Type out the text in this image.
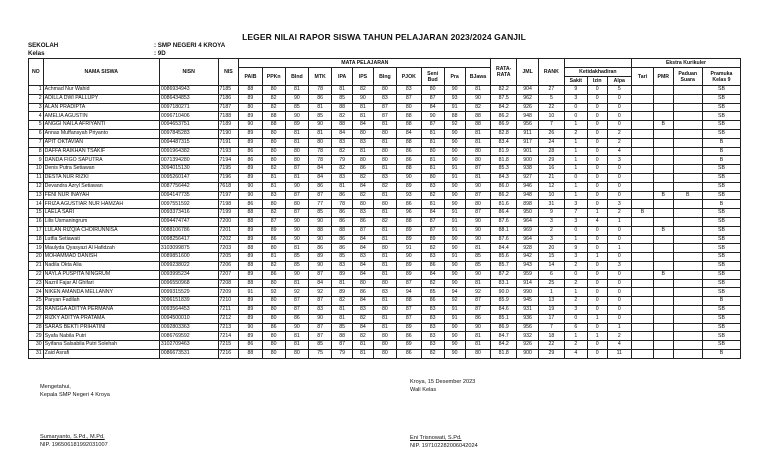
LEGER NILAI RAPOR SISWA TAHUN PELAJARAN 2023/2024 GANJIL
SEKOLAH	: SMP NEGERI 4 KROYA
Kelas	: 9D
NO	NAMA SISWA	NISN	NIS	MATA PELAJARAN											RATA-RATA	JML	RANK				Ekstra Kurikuler			
				PAIB	PPKn	BInd	MTK	IPA	IPS	BIng	PJOK	Seni Bud	Pra	BJawa				Ketidakhadiran			Tari	PMR	Paduan Suara	Pramuka Kelas 9
																		Sakit	Izin	Alpa				
1	Achmad Nur Wahid	0086934943	7185	88	80	81	78	81	82	80	83	80	90	81	82.2	904	27	9	0	5				SB
2	ADILLA DWI PALLUPY	0086434853	7186	89	82	90	86	85	90	83	87	87	93	90	87.5	962	5	3	0	0				SB
3	ALAN PRADIPTA	0097180271	7187	80	82	85	81	88	81	87	80	84	91	82	84.2	926	22	0	0	0				SB
4	AMELIA AGUSTIN	0096710406	7188	89	88	90	85	82	81	87	88	90	88	88	86.2	948	10	0	0	0				SB
5	ANGGI NAILA AFRIYANTI	0094653751	7189	90	88	89	90	88	84	81	88	87	92	88	86.9	956	7	1	0	0		B		SB
6	Annas Muffansyah Priyanto	0097845283	7190	89	80	81	81	84	80	80	84	81	90	81	82.8	911	26	2	0	2				SB
7	APIT OKTAVIAN	0094487315	7191	89	80	81	80	83	83	81	88	81	90	81	83.4	917	24	1	0	2				B
8	DAFFA RAIKHAN TSAKIF	0091964382	7193	86	80	80	78	82	81	80	86	80	90	80	81.9	901	28	1	0	4				B
9	DANDA FIGO SAPUTRA	0071394280	7194	86	80	80	78	79	80	80	86	81	90	80	81.8	900	29	1	0	3				B
10	Denis Putra Setiawan	3094015130	7195	89	82	87	84	82	86	81	88	81	91	87	85.3	938	16	1	0	0				SB
11	DESTA NUR RIZKI	0095260147	7196	89	81	81	84	83	82	83	90	80	91	81	84.3	927	21	0	0	0				SB
12	Devandra Azryl Setiawan	0087756442	7618	90	81	90	86	81	84	82	89	83	90	90	86.0	946	12	1	0	0				SB
13	FENI NUR INAYAH	0094147735	7197	90	83	87	87	86	82	81	93	82	90	87	86.2	948	10	1	0	0		B	B	SB
14	FRIZA AGUSTIAR NUR HAMZAH	0097551592	7198	86	80	80	77	78	80	80	86	81	90	80	81.6	898	31	3	0	3				B
15	LAELA SARI	0093373416	7199	88	82	87	85	86	83	81	96	84	91	87	86.4	950	9	7	1	2	B			SB
16	Lilis Usmaningrum	0094474747	7200	88	87	90	90	86	86	82	88	87	91	90	87.6	964	3	3	4	1				SB
17	LULAN RIZQIA CHOIRUNNISA	0088106786	7201	89	89	90	88	88	87	81	89	87	91	90	88.1	969	2	0	0	0		B		SB
18	Lutfia Setiawati	0098256417	7202	89	86	90	90	86	84	81	89	89	90	90	87.6	964	3	1	0	0				SB
19	Maulyda Qyasyazi Al Hafidzah	3103099875	7203	88	80	81	86	86	84	80	91	82	90	81	84.4	928	20	9	0	1				SB
20	MOHAMMAD DANISH	0089851600	7205	89	81	85	89	85	83	81	90	83	91	85	85.6	942	15	3	1	0				SB
21	Nadila Okta Alia	0099238022	7206	88	82	85	90	83	84	81	89	86	90	85	85.7	943	14	2	0	3				SB
22	NAYLA PUSPITA NINGRUM	0093995234	7207	89	86	90	87	89	84	81	89	84	90	90	87.2	959	6	0	0	0		B		SB
23	Nazril Fajar Al Ghifari	0096550968	7208	88	80	81	84	81	80	80	87	82	90	81	83.1	914	25	2	0	0				SB
24	NIKEN AMANDA MELLANNY	0099315529	7209	91	92	92	92	89	86	83	94	85	94	92	90.0	990	1	1	0	0				SB
25	Paryan Fadilah	3096151839	7210	89	80	87	87	82	84	81	88	86	92	87	85.9	945	13	2	0	0				B
26	RANGGA ADITYA PERMANA	0093564453	7211	89	80	87	83	81	83	80	87	83	91	87	84.6	931	19	3	0	0				SB
27	RIZKY ADITYA PRATAMA	0094500010	7212	89	80	86	90	81	82	81	87	83	91	86	85.1	936	17	0	1	0				SB
28	SARAS BEKTI PRIHATINI	0092803363	7213	90	86	90	87	85	84	81	89	83	90	90	86.9	956	7	6	0	1				SB
29	Syafa Nabila Putri	0086769592	7214	89	80	81	87	88	82	80	86	83	90	81	84.7	932	18	1	1	2				SB
30	Syifana Salsabila Putri Solehah	3102709463	7215	86	80	81	85	87	81	80	89	83	90	81	84.2	926	22	2	0	4				SB
31	Zaid Asrafi	0086673531	7216	88	80	80	75	79	81	80	86	82	90	80	81.8	900	29	4	0	11				B
Mengetahui,
Kepala SMP Negeri 4 Kroya
Sumaryanto, S.Pd., M.Pd.
NIP. 196506181992031007
Kroya, 15 Desember 2023
Wali Kelas
Eni Trisnowati, S.Pd.
NIP. 197102282006042024
